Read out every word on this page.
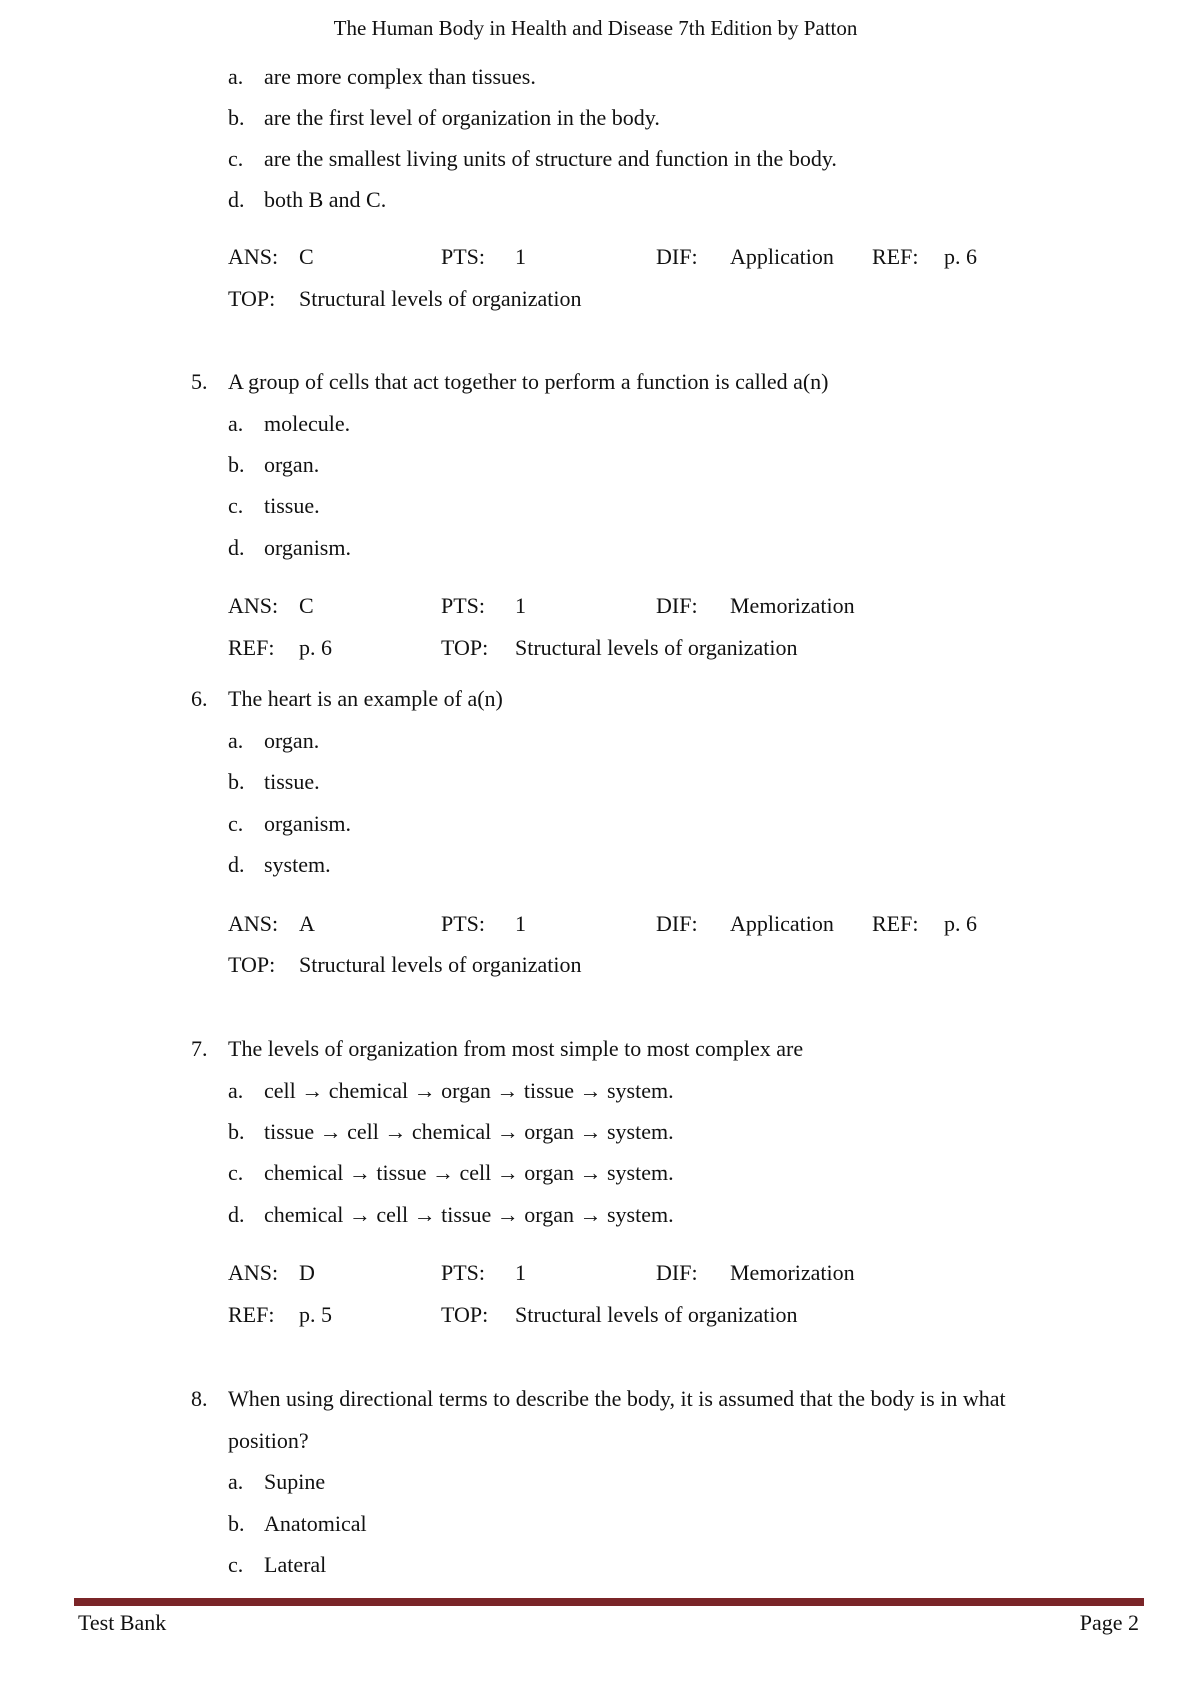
The Human Body in Health and Disease 7th Edition by Patton
a. are more complex than tissues.
b. are the first level of organization in the body.
c. are the smallest living units of structure and function in the body.
d. both B and C.
ANS: C	PTS: 1	DIF: Application REF: p. 6
TOP: Structural levels of organization
5. A group of cells that act together to perform a function is called a(n)
a. molecule.
b. organ.
c. tissue.
d. organism.
ANS: C	PTS: 1	DIF: Memorization
REF: p. 6	TOP: Structural levels of organization
6. The heart is an example of a(n)
a. organ.
b. tissue.
c. organism.
d. system.
ANS: A	PTS: 1	DIF: Application REF: p. 6
TOP: Structural levels of organization
7. The levels of organization from most simple to most complex are
a. cell → chemical → organ → tissue → system.
b. tissue → cell → chemical → organ → system.
c. chemical → tissue → cell → organ → system.
d. chemical → cell → tissue → organ → system.
ANS: D	PTS: 1	DIF: Memorization
REF: p. 5	TOP: Structural levels of organization
8. When using directional terms to describe the body, it is assumed that the body is in what
position?
a. Supine
b. Anatomical
c. Lateral
Test Bank	Page 2
